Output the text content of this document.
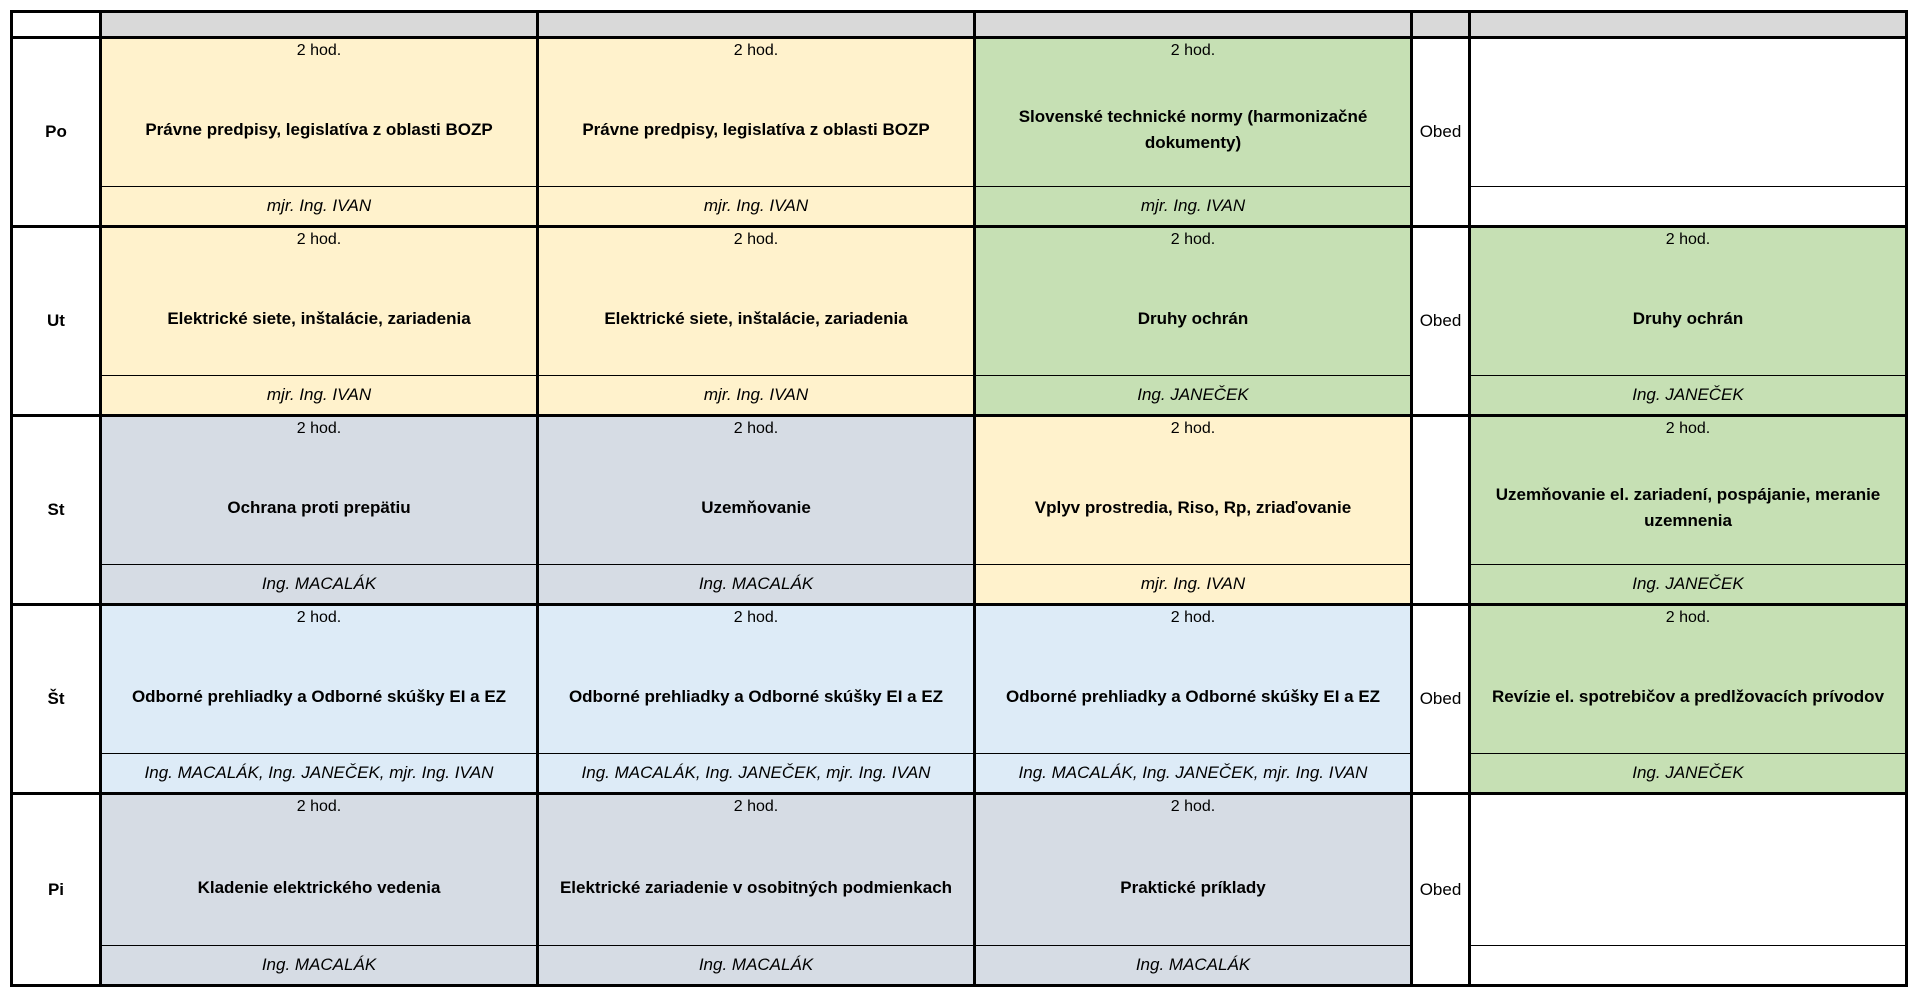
Po
2 hod.
Právne predpisy, legislatíva z oblasti BOZP
mjr. Ing. IVAN
2 hod.
Právne predpisy, legislatíva z oblasti BOZP
mjr. Ing. IVAN
2 hod.
Slovenské technické normy (harmonizačné dokumenty)
mjr. Ing. IVAN
Obed
Ut
2 hod.
Elektrické siete, inštalácie, zariadenia
mjr. Ing. IVAN
2 hod.
Elektrické siete, inštalácie, zariadenia
mjr. Ing. IVAN
2 hod.
Druhy ochrán
Ing. JANEČEK
Obed
2 hod.
Druhy ochrán
Ing. JANEČEK
St
2 hod.
Ochrana proti prepätiu
Ing. MACALÁK
2 hod.
Uzemňovanie
Ing. MACALÁK
2 hod.
Vplyv prostredia, Riso, Rp, zriaďovanie
mjr. Ing. IVAN
2 hod.
Uzemňovanie el. zariadení, pospájanie, meranie uzemnenia
Ing. JANEČEK
Št
2 hod.
Odborné prehliadky a Odborné skúšky EI a EZ
Ing. MACALÁK, Ing. JANEČEK, mjr. Ing. IVAN
2 hod.
Odborné prehliadky a Odborné skúšky EI a EZ
Ing. MACALÁK, Ing. JANEČEK, mjr. Ing. IVAN
2 hod.
Odborné prehliadky a Odborné skúšky EI a EZ
Ing. MACALÁK, Ing. JANEČEK, mjr. Ing. IVAN
Obed
2 hod.
Revízie el. spotrebičov a predlžovacích prívodov
Ing. JANEČEK
Pi
2 hod.
Kladenie elektrického vedenia
Ing. MACALÁK
2 hod.
Elektrické zariadenie v osobitných podmienkach
Ing. MACALÁK
2 hod.
Praktické príklady
Ing. MACALÁK
Obed
